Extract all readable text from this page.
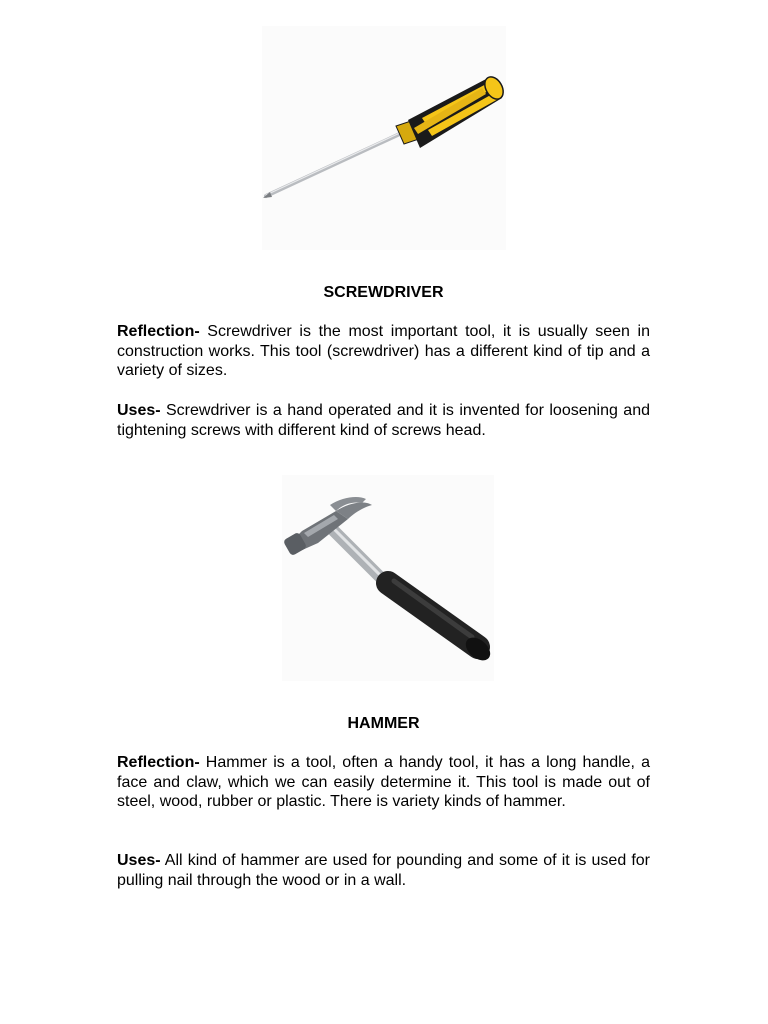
SCREWDRIVER

Reflection- Screwdriver is the most important tool, it is usually seen in construction works. This tool (screwdriver) has a different kind of tip and a variety of sizes.

Uses- Screwdriver is a hand operated and it is invented for loosening and tightening screws with different kind of screws head.

HAMMER

Reflection- Hammer is a tool, often a handy tool, it has a long handle, a face and claw, which we can easily determine it. This tool is made out of steel, wood, rubber or plastic. There is variety kinds of hammer.

Uses- All kind of hammer are used for pounding and some of it is used for pulling nail through the wood or in a wall.
